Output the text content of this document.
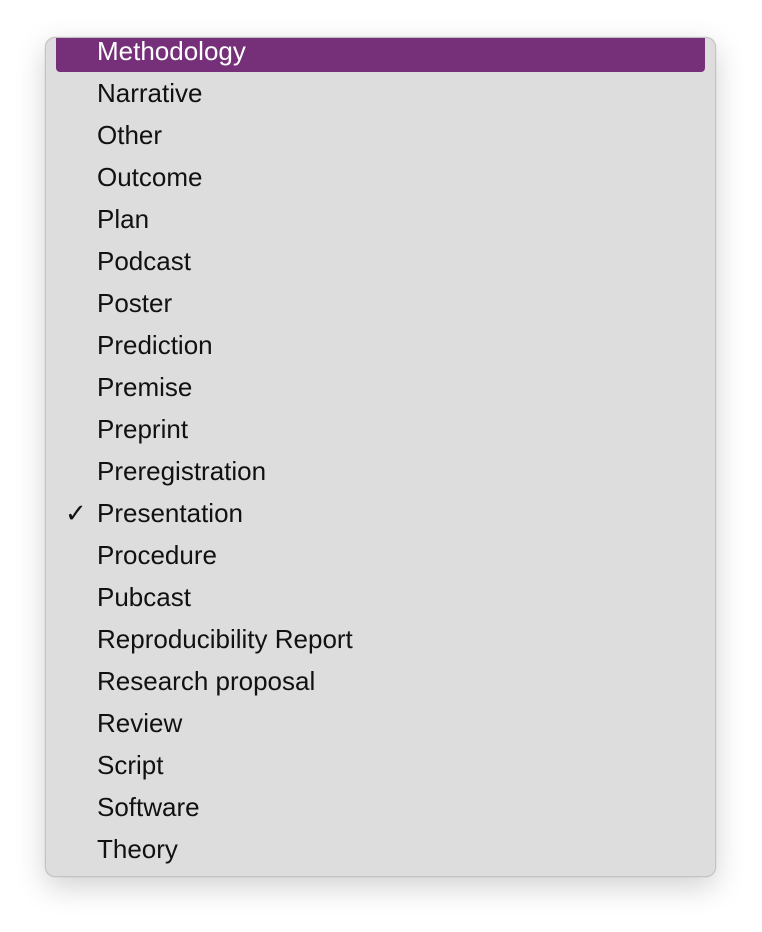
Methodology
Narrative
Other
Outcome
Plan
Podcast
Poster
Prediction
Premise
Preprint
Preregistration
✓ Presentation
Procedure
Pubcast
Reproducibility Report
Research proposal
Review
Script
Software
Theory
